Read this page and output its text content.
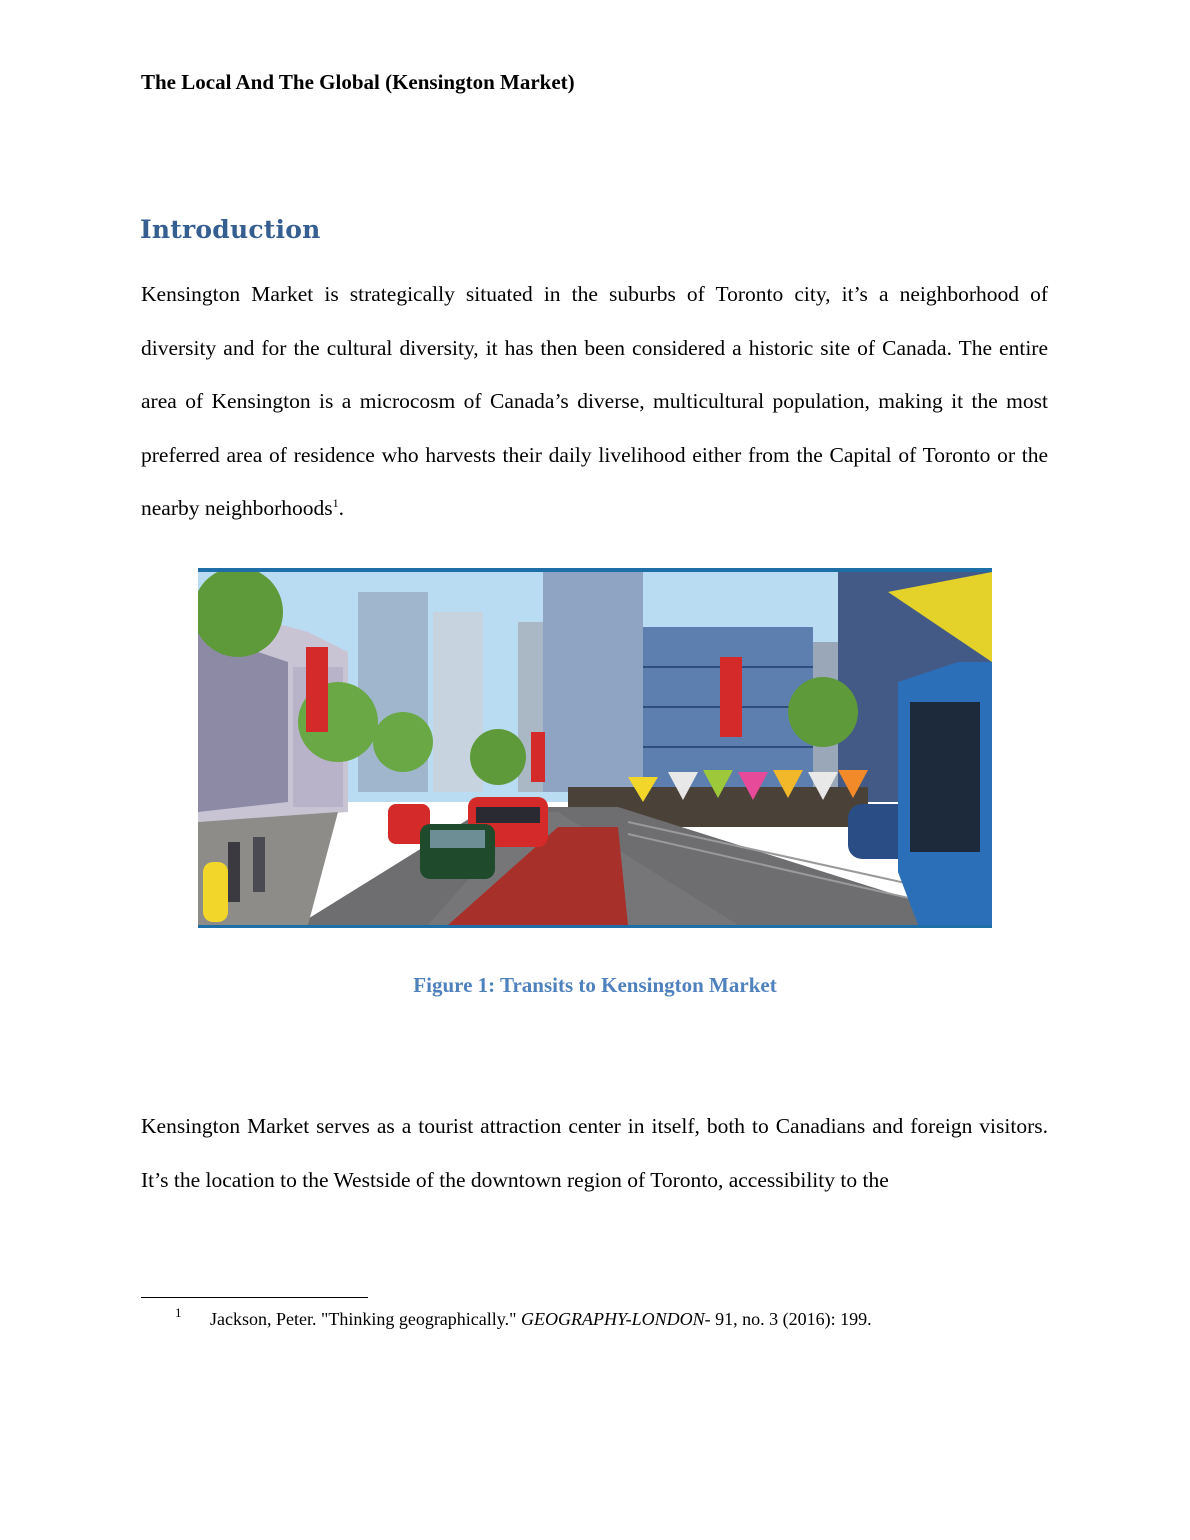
The Local And The Global (Kensington Market)
Introduction

Kensington Market is strategically situated in the suburbs of Toronto city, it’s a neighborhood of diversity and for the cultural diversity, it has then been considered a historic site of Canada. The entire area of Kensington is a microcosm of Canada’s diverse, multicultural population, making it the most preferred area of residence who harvests their daily livelihood either from the Capital of Toronto or the nearby neighborhoods$^1$.

Figure 1: Transits to Kensington Market

Kensington Market serves as a tourist attraction center in itself, both to Canadians and foreign visitors. It’s the location to the Westside of the downtown region of Toronto, accessibility to the

1 Jackson, Peter. "Thinking geographically." GEOGRAPHY-LONDON- 91, no. 3 (2016): 199.
